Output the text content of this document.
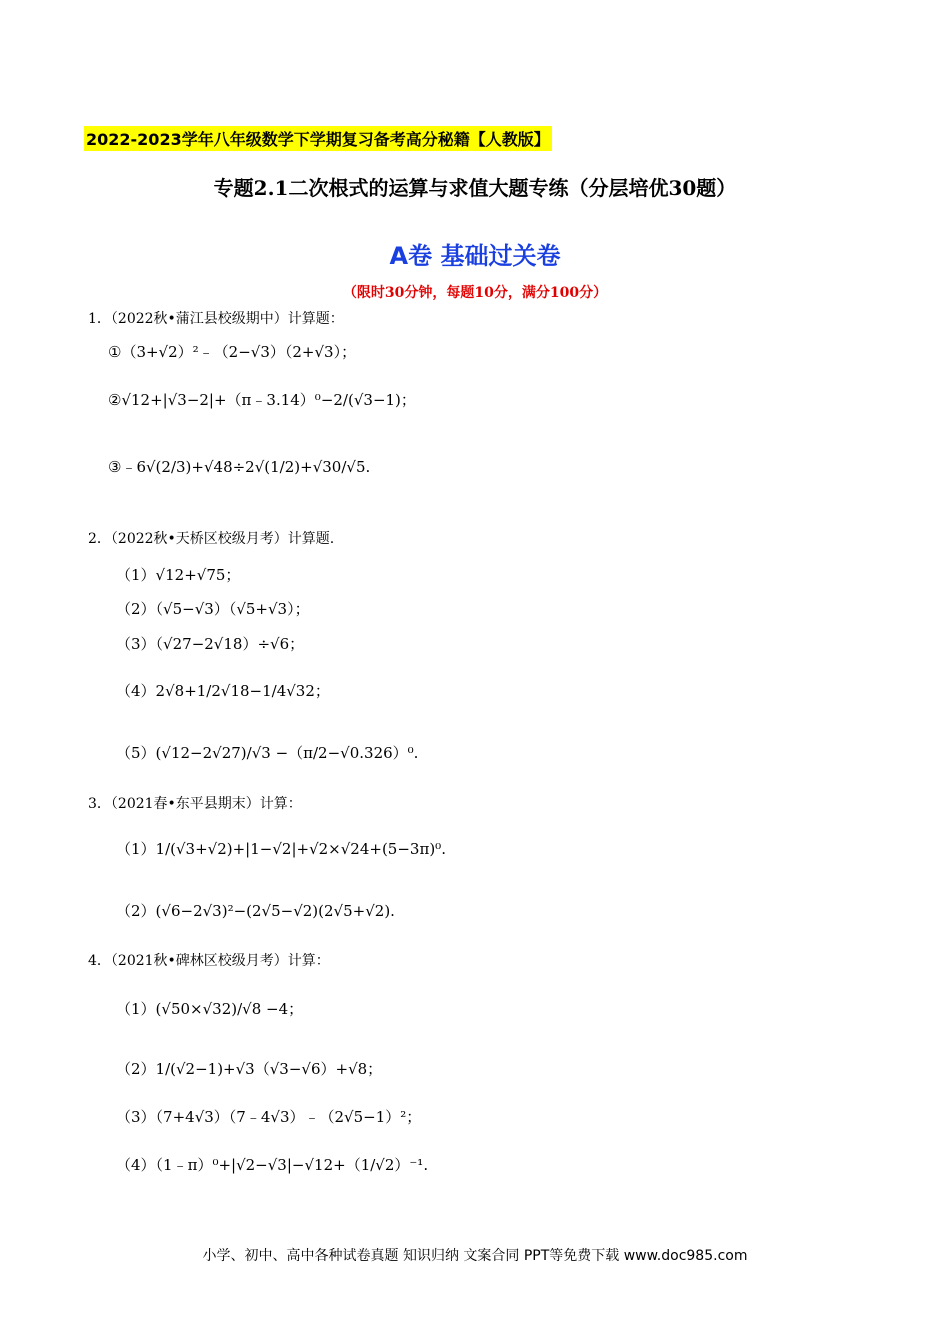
2022-2023学年八年级数学下学期复习备考高分秘籍【人教版】
专题2.1二次根式的运算与求值大题专练（分层培优30题）
A卷 基础过关卷
（限时30分钟，每题10分，满分100分）
1．（2022秋•蒲江县校级期中）计算题：
①（3+√2）²﹣（2−√3）（2+√3）；
②√12+|√3−2|+（π﹣3.14）⁰−2/(√3−1)；
③﹣6√(2/3)+√48÷2√(1/2)+√30/√5.
2．（2022秋•天桥区校级月考）计算题.
（1）√12+√75；
（2）（√5−√3）（√5+√3）；
（3）（√27−2√18）÷√6；
（4）2√8+1/2√18−1/4√32；
（5）(√12−2√27)/√3 −（π/2−√0.326）⁰.
3．（2021春•东平县期末）计算：
（1）1/(√3+√2)+|1−√2|+√2×√24+(5−3π)⁰.
（2）(√6−2√3)²−(2√5−√2)(2√5+√2).
4．（2021秋•碑林区校级月考）计算：
（1）(√50×√32)/√8 −4；
（2）1/(√2−1)+√3（√3−√6）+√8；
（3）（7+4√3）（7﹣4√3）﹣（2√5−1）²；
（4）（1﹣π）⁰+|√2−√3|−√12+（1/√2）⁻¹.
小学、初中、高中各种试卷真题 知识归纳 文案合同 PPT等免费下载 www.doc985.com
